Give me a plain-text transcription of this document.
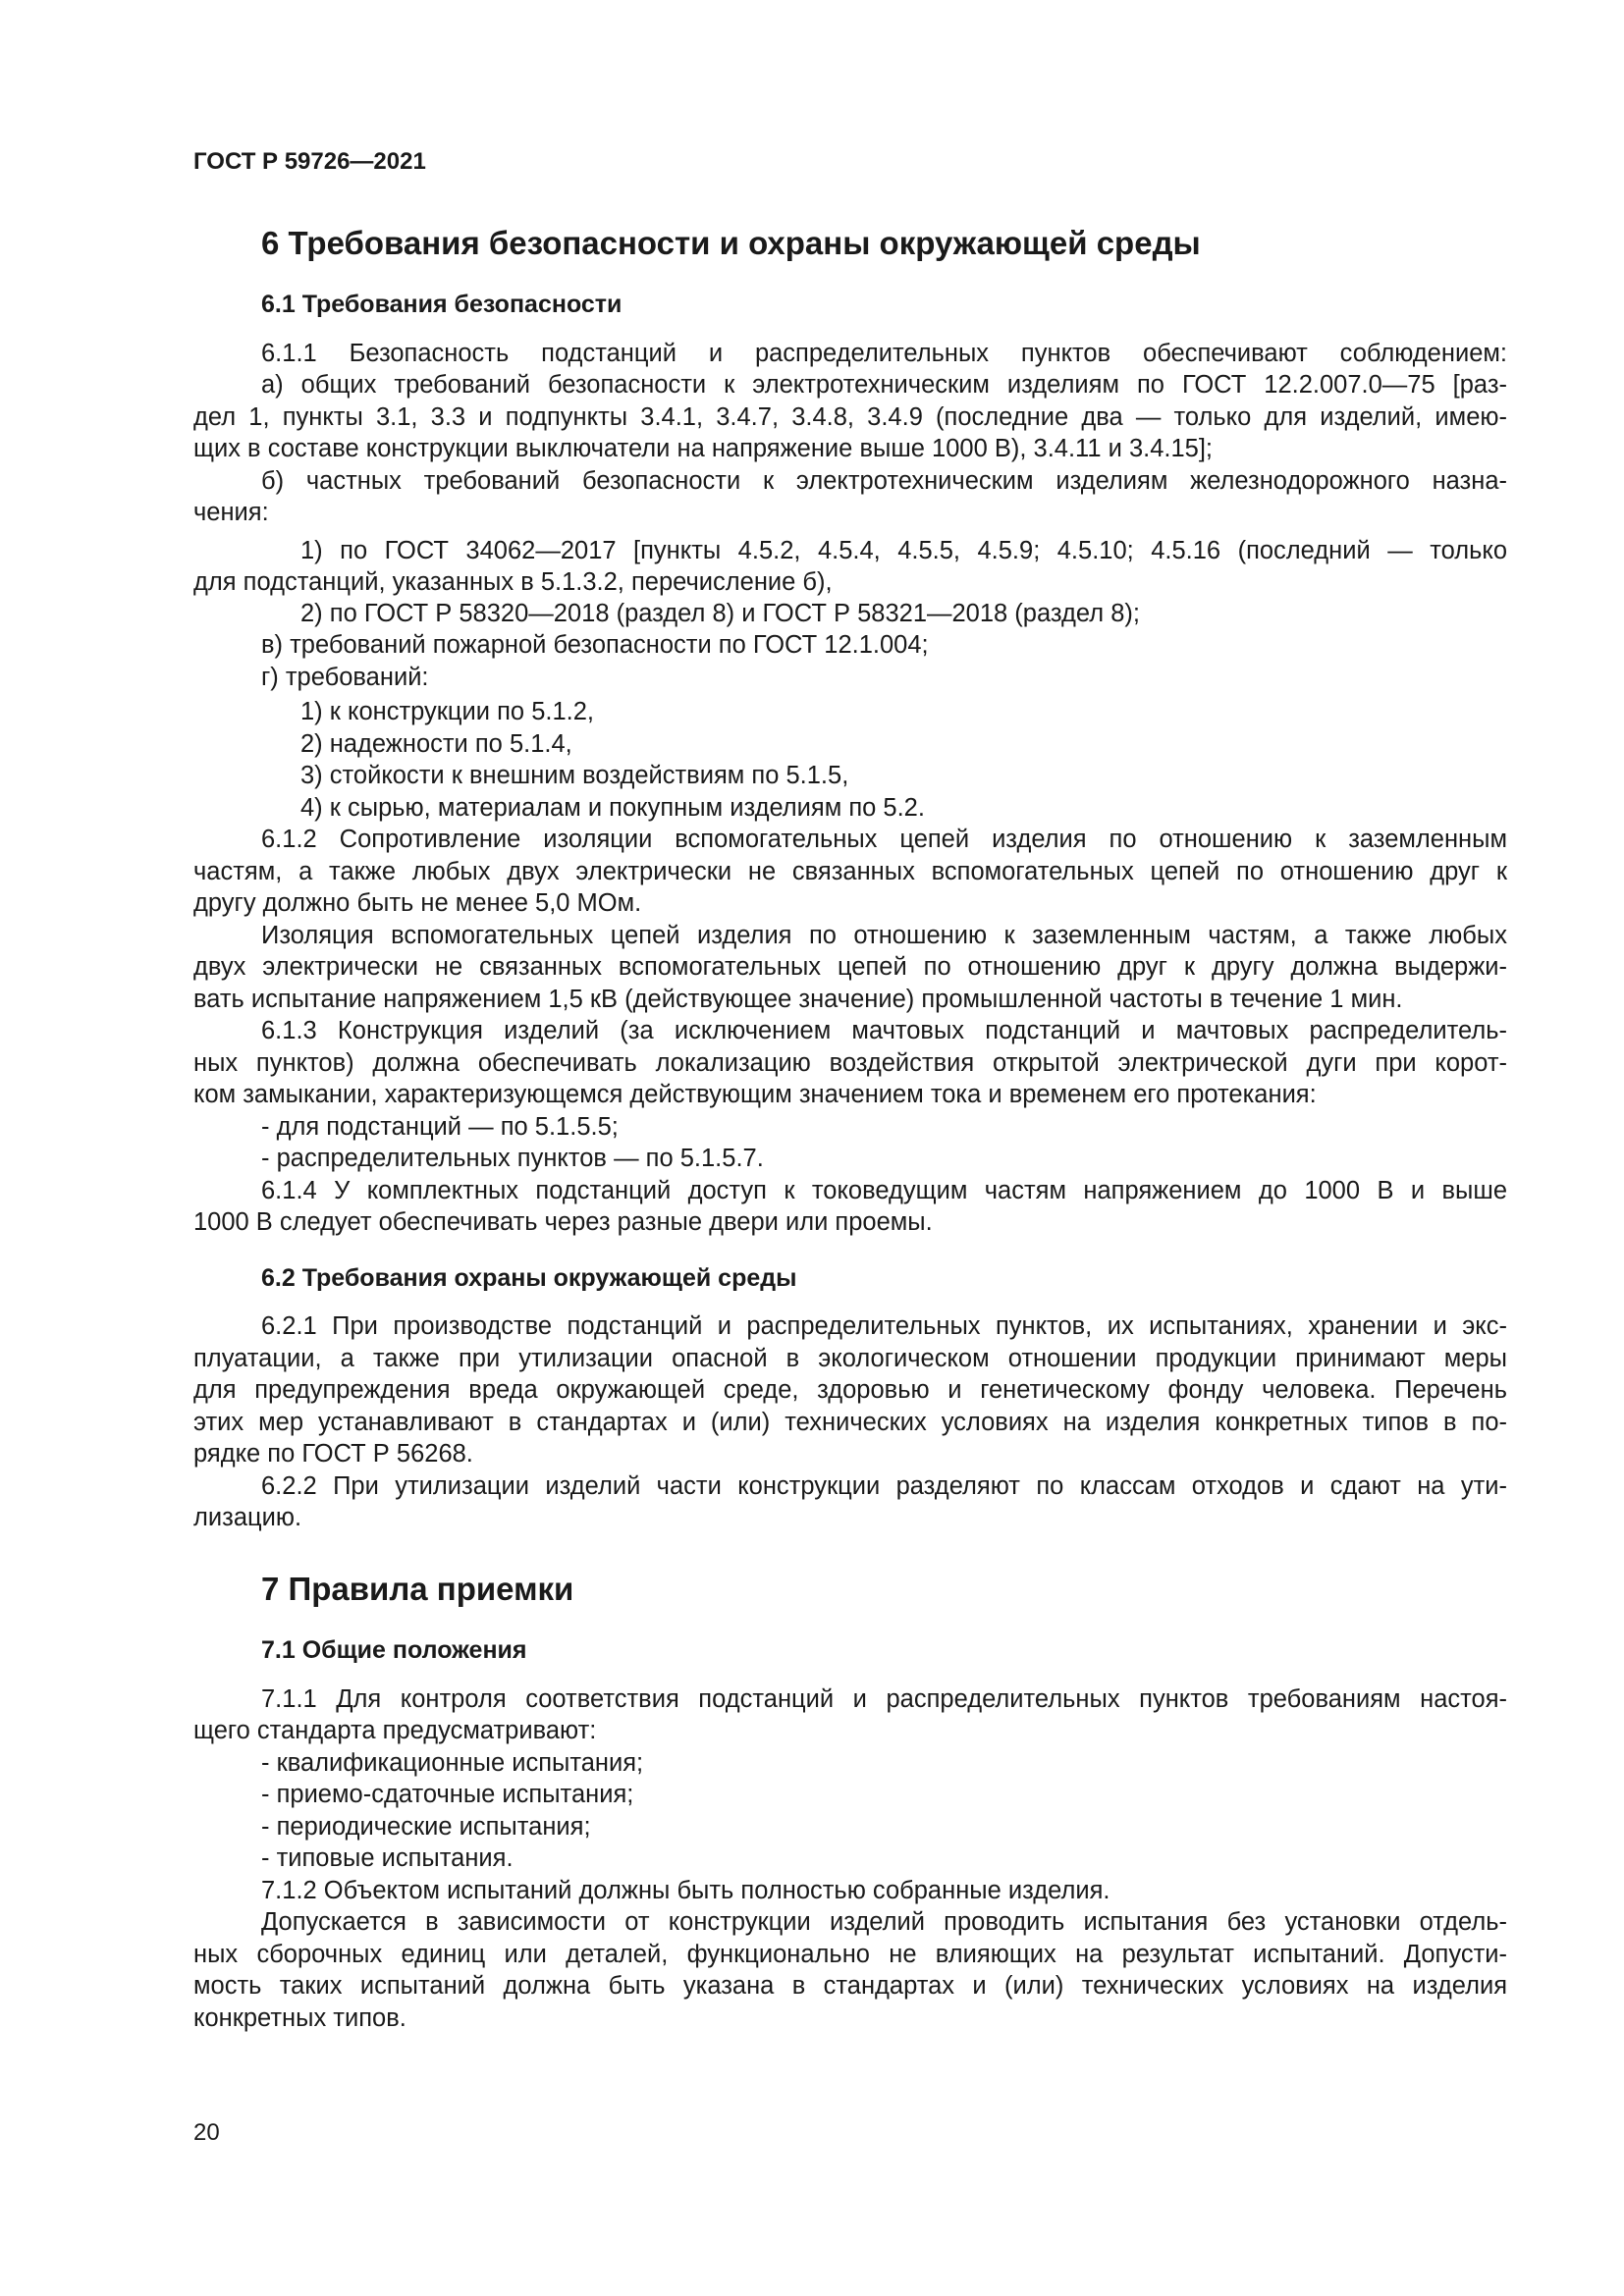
ГОСТ Р 59726—2021
6 Требования безопасности и охраны окружающей среды
6.1 Требования безопасности
6.1.1 Безопасность подстанций и распределительных пунктов обеспечивают соблюдением:
а) общих требований безопасности к электротехническим изделиям по ГОСТ 12.2.007.0—75 [раз-
дел 1, пункты 3.1, 3.3 и подпункты 3.4.1, 3.4.7, 3.4.8, 3.4.9 (последние два — только для изделий, имею-
щих в составе конструкции выключатели на напряжение выше 1000 В), 3.4.11 и 3.4.15];
б) частных требований безопасности к электротехническим изделиям железнодорожного назна-
чения:
1) по ГОСТ 34062—2017 [пункты 4.5.2, 4.5.4, 4.5.5, 4.5.9; 4.5.10; 4.5.16 (последний — только
для подстанций, указанных в 5.1.3.2, перечисление б),
2) по ГОСТ Р 58320—2018 (раздел 8) и ГОСТ Р 58321—2018 (раздел 8);
в) требований пожарной безопасности по ГОСТ 12.1.004;
г) требований:
1) к конструкции по 5.1.2,
2) надежности по 5.1.4,
3) стойкости к внешним воздействиям по 5.1.5,
4) к сырью, материалам и покупным изделиям по 5.2.
6.1.2 Сопротивление изоляции вспомогательных цепей изделия по отношению к заземленным
частям, а также любых двух электрически не связанных вспомогательных цепей по отношению друг к
другу должно быть не менее 5,0 МОм.
Изоляция вспомогательных цепей изделия по отношению к заземленным частям, а также любых
двух электрически не связанных вспомогательных цепей по отношению друг к другу должна выдержи-
вать испытание напряжением 1,5 кВ (действующее значение) промышленной частоты в течение 1 мин.
6.1.3 Конструкция изделий (за исключением мачтовых подстанций и мачтовых распределитель-
ных пунктов) должна обеспечивать локализацию воздействия открытой электрической дуги при корот-
ком замыкании, характеризующемся действующим значением тока и временем его протекания:
- для подстанций — по 5.1.5.5;
- распределительных пунктов — по 5.1.5.7.
6.1.4 У комплектных подстанций доступ к токоведущим частям напряжением до 1000 В и выше
1000 В следует обеспечивать через разные двери или проемы.
6.2 Требования охраны окружающей среды
6.2.1 При производстве подстанций и распределительных пунктов, их испытаниях, хранении и экс-
плуатации, а также при утилизации опасной в экологическом отношении продукции принимают меры
для предупреждения вреда окружающей среде, здоровью и генетическому фонду человека. Перечень
этих мер устанавливают в стандартах и (или) технических условиях на изделия конкретных типов в по-
рядке по ГОСТ Р 56268.
6.2.2 При утилизации изделий части конструкции разделяют по классам отходов и сдают на ути-
лизацию.
7 Правила приемки
7.1 Общие положения
7.1.1 Для контроля соответствия подстанций и распределительных пунктов требованиям настоя-
щего стандарта предусматривают:
- квалификационные испытания;
- приемо-сдаточные испытания;
- периодические испытания;
- типовые испытания.
7.1.2 Объектом испытаний должны быть полностью собранные изделия.
Допускается в зависимости от конструкции изделий проводить испытания без установки отдель-
ных сборочных единиц или деталей, функционально не влияющих на результат испытаний. Допусти-
мость таких испытаний должна быть указана в стандартах и (или) технических условиях на изделия
конкретных типов.
20
